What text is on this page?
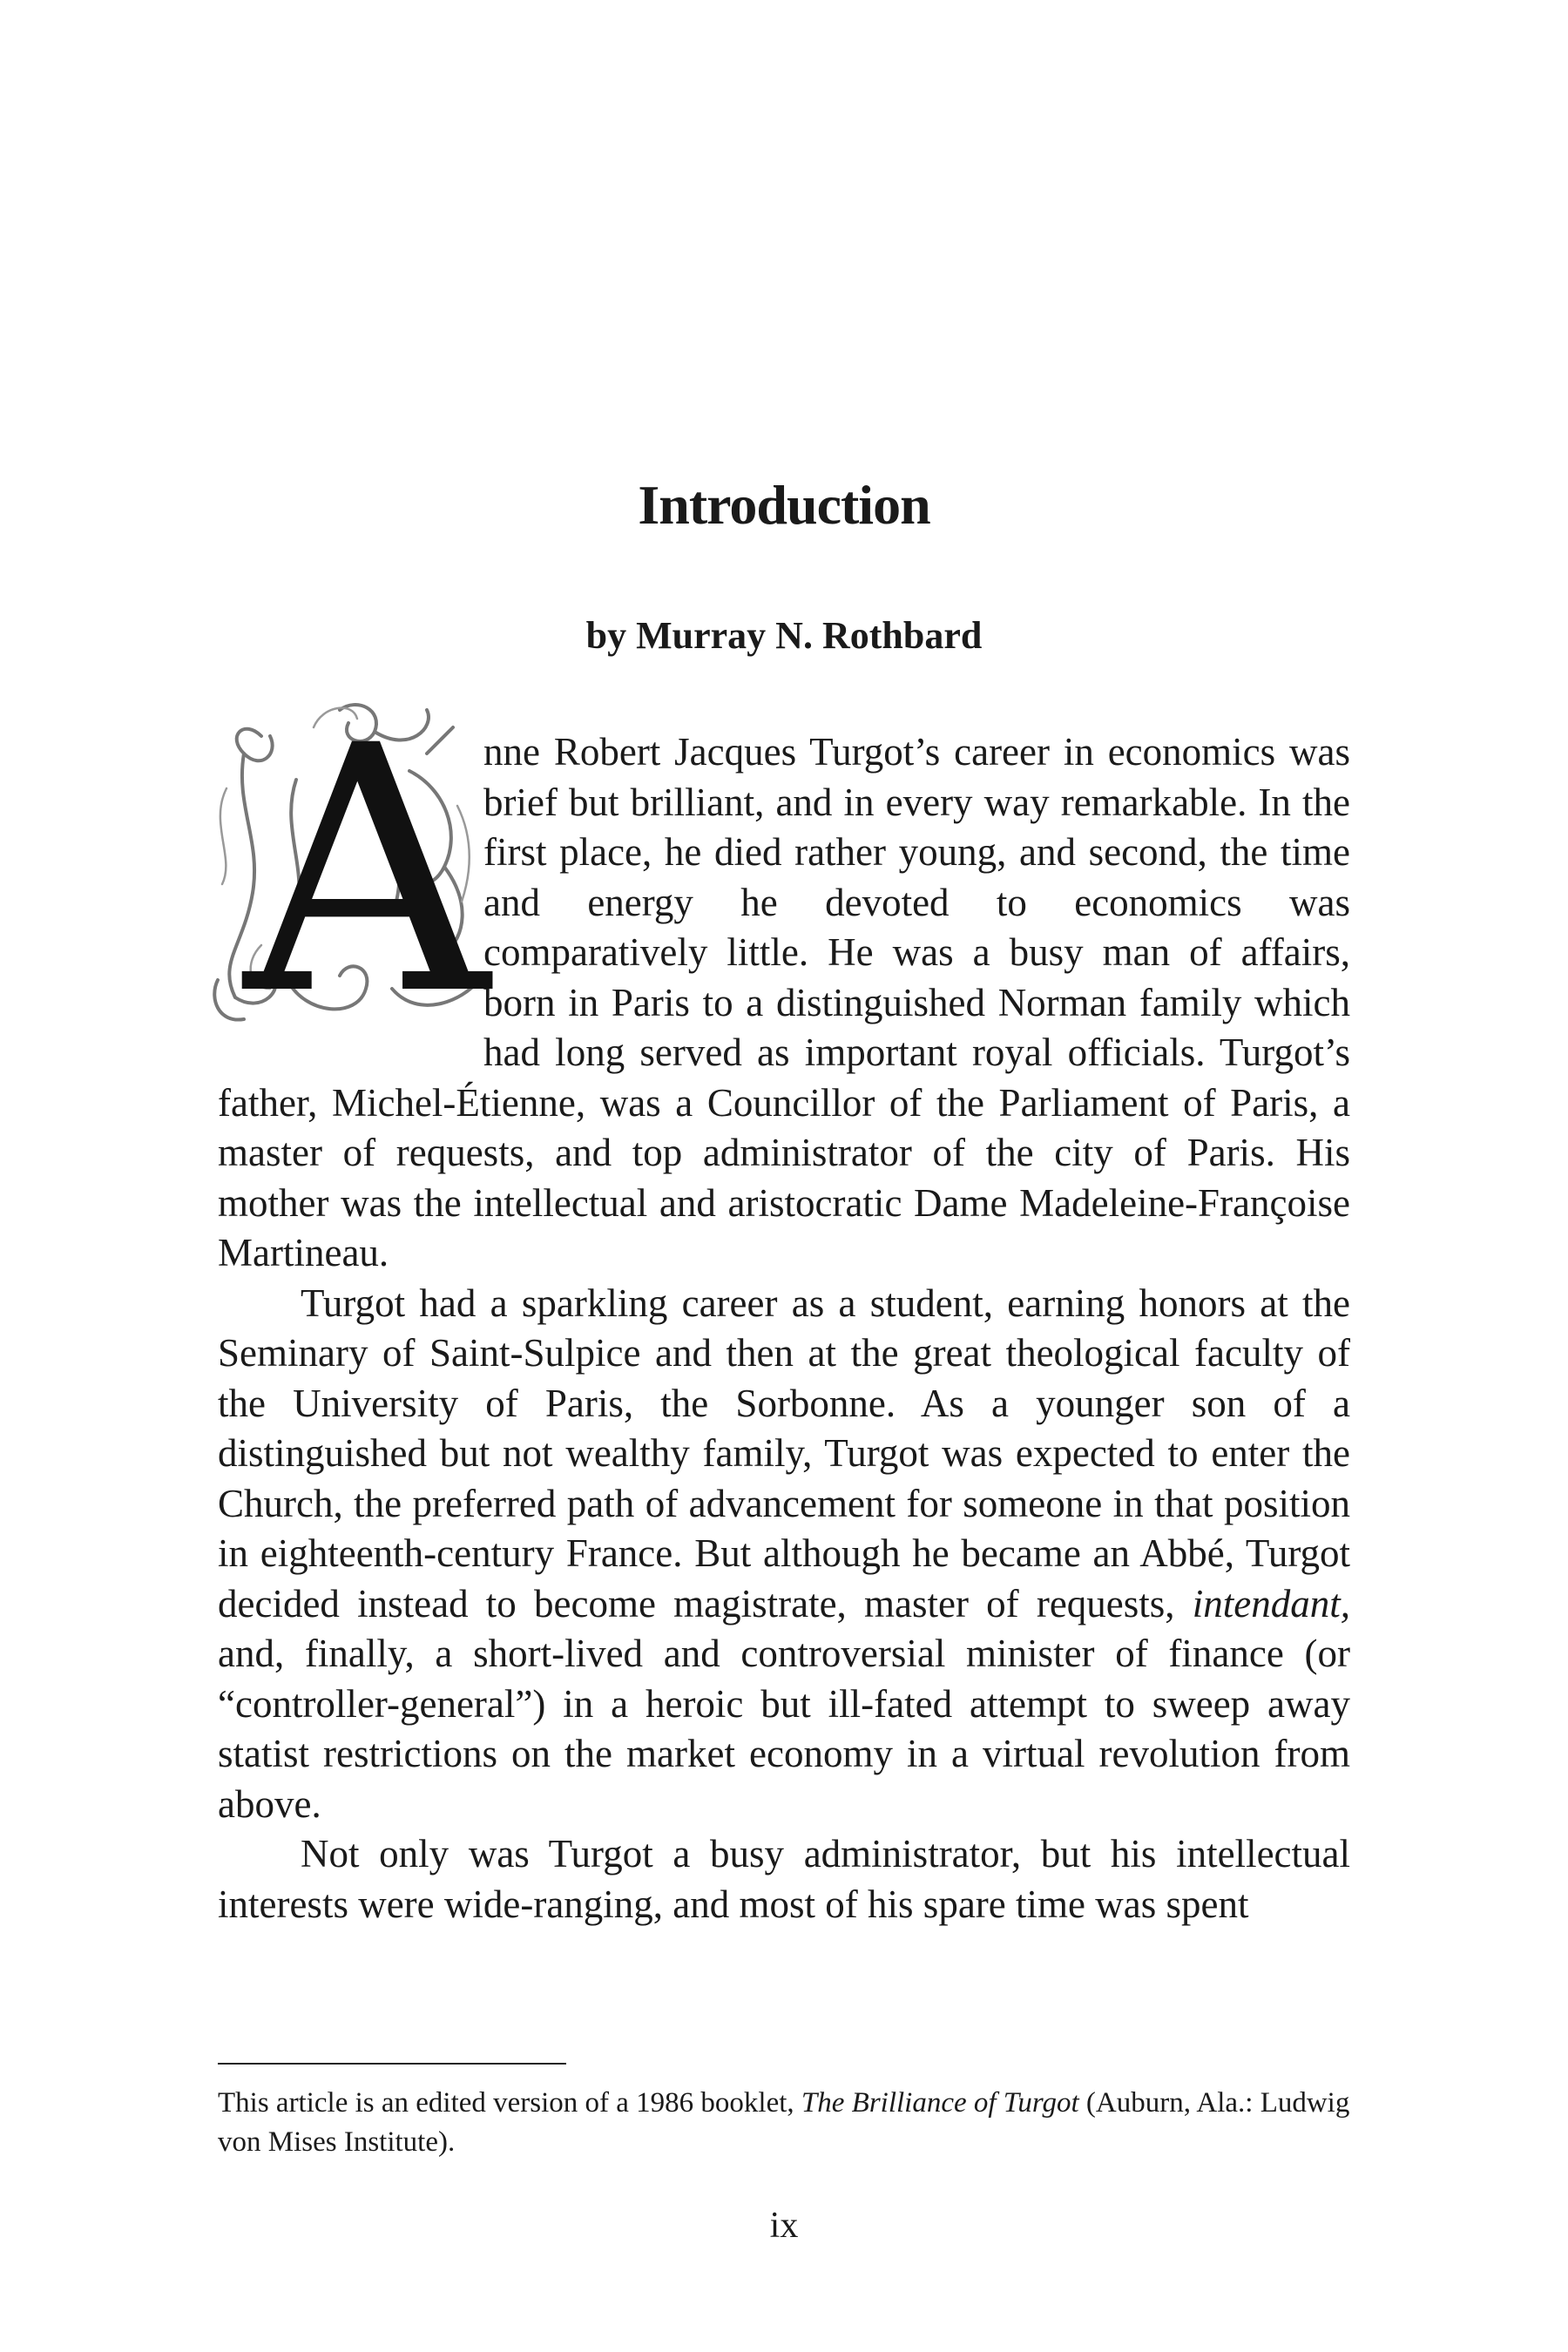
Introduction
by Murray N. Rothbard
A

nne Robert Jacques Turgot’s career in economics was brief but brilliant, and in every way remarkable. In the first place, he died rather young, and second, the time and energy he devoted to economics was comparatively little. He was a busy man of affairs, born in Paris to a distinguished Norman family which had long served as important royal officials. Turgot’s father, Michel-Étienne, was a Councillor of the Parliament of Paris, a master of requests, and top administrator of the city of Paris. His mother was the intellectual and aristocratic Dame Madeleine-Françoise Martineau.

Turgot had a sparkling career as a student, earning honors at the Seminary of Saint-Sulpice and then at the great theological faculty of the University of Paris, the Sorbonne. As a younger son of a distinguished but not wealthy family, Turgot was expected to enter the Church, the preferred path of advancement for someone in that position in eighteenth-century France. But although he became an Abbé, Turgot decided instead to become magistrate, master of requests, intendant, and, finally, a short-lived and controversial minister of finance (or “controller-general”) in a heroic but ill-fated attempt to sweep away statist restrictions on the market economy in a virtual revolution from above.

Not only was Turgot a busy administrator, but his intellectual interests were wide-ranging, and most of his spare time was spent

This article is an edited version of a 1986 booklet, The Brilliance of Turgot (Auburn, Ala.: Ludwig von Mises Institute).
ix
